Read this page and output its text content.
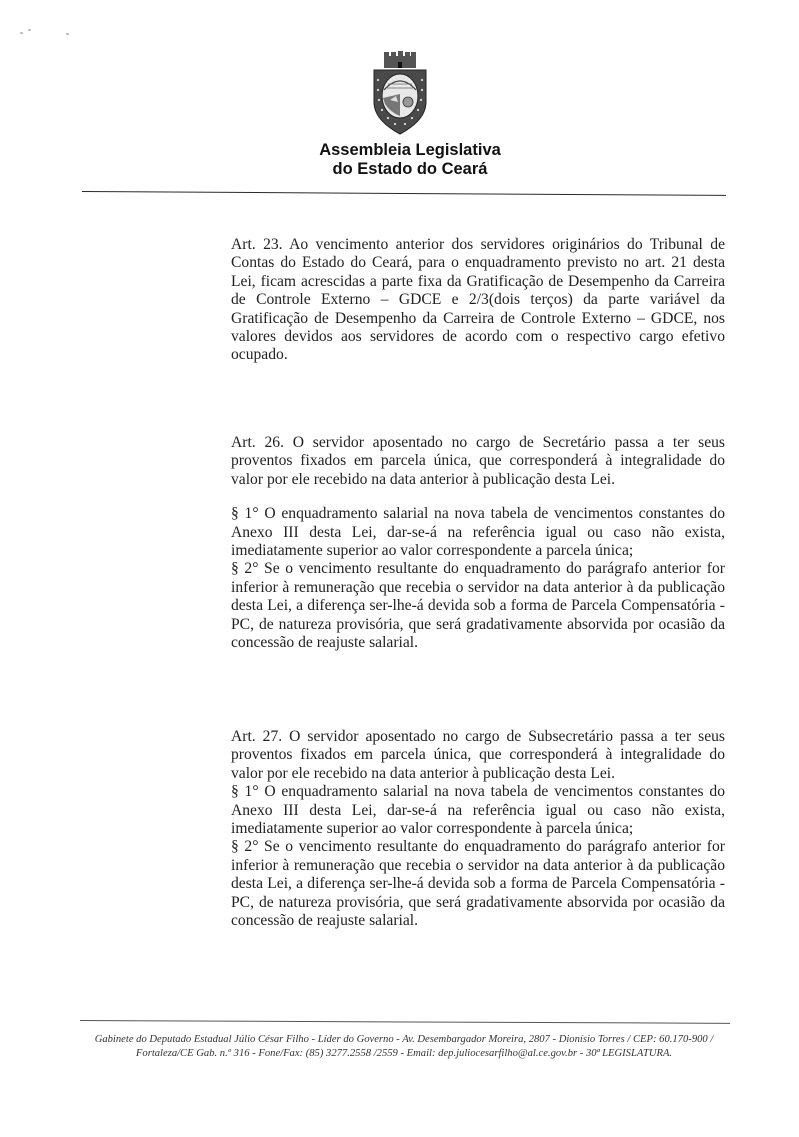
Assembleia Legislativa
do Estado do Ceará

Art. 23. Ao vencimento anterior dos servidores originários do Tribunal de Contas do Estado do Ceará, para o enquadramento previsto no art. 21 desta Lei, ficam acrescidas a parte fixa da Gratificação de Desempenho da Carreira de Controle Externo – GDCE e 2/3(dois terços) da parte variável da Gratificação de Desempenho da Carreira de Controle Externo – GDCE, nos valores devidos aos servidores de acordo com o respectivo cargo efetivo ocupado.

Art. 26. O servidor aposentado no cargo de Secretário passa a ter seus proventos fixados em parcela única, que corresponderá à integralidade do valor por ele recebido na data anterior à publicação desta Lei.

§ 1° O enquadramento salarial na nova tabela de vencimentos constantes do Anexo III desta Lei, dar-se-á na referência igual ou caso não exista, imediatamente superior ao valor correspondente a parcela única;

§ 2° Se o vencimento resultante do enquadramento do parágrafo anterior for inferior à remuneração que recebia o servidor na data anterior à da publicação desta Lei, a diferença ser-lhe-á devida sob a forma de Parcela Compensatória - PC, de natureza provisória, que será gradativamente absorvida por ocasião da concessão de reajuste salarial.

Art. 27. O servidor aposentado no cargo de Subsecretário passa a ter seus proventos fixados em parcela única, que corresponderá à integralidade do valor por ele recebido na data anterior à publicação desta Lei.

§ 1° O enquadramento salarial na nova tabela de vencimentos constantes do Anexo III desta Lei, dar-se-á na referência igual ou caso não exista, imediatamente superior ao valor correspondente à parcela única;

§ 2° Se o vencimento resultante do enquadramento do parágrafo anterior for inferior à remuneração que recebia o servidor na data anterior à da publicação desta Lei, a diferença ser-lhe-á devida sob a forma de Parcela Compensatória - PC, de natureza provisória, que será gradativamente absorvida por ocasião da concessão de reajuste salarial.

Gabinete do Deputado Estadual Júlio César Filho - Líder do Governo - Av. Desembargador Moreira, 2807 - Dionísio Torres / CEP: 60.170-900 /
Fortaleza/CE Gab. n.º 316 - Fone/Fax: (85) 3277.2558 /2559 - Email: dep.juliocesarfilho@al.ce.gov.br - 30ª LEGISLATURA.
